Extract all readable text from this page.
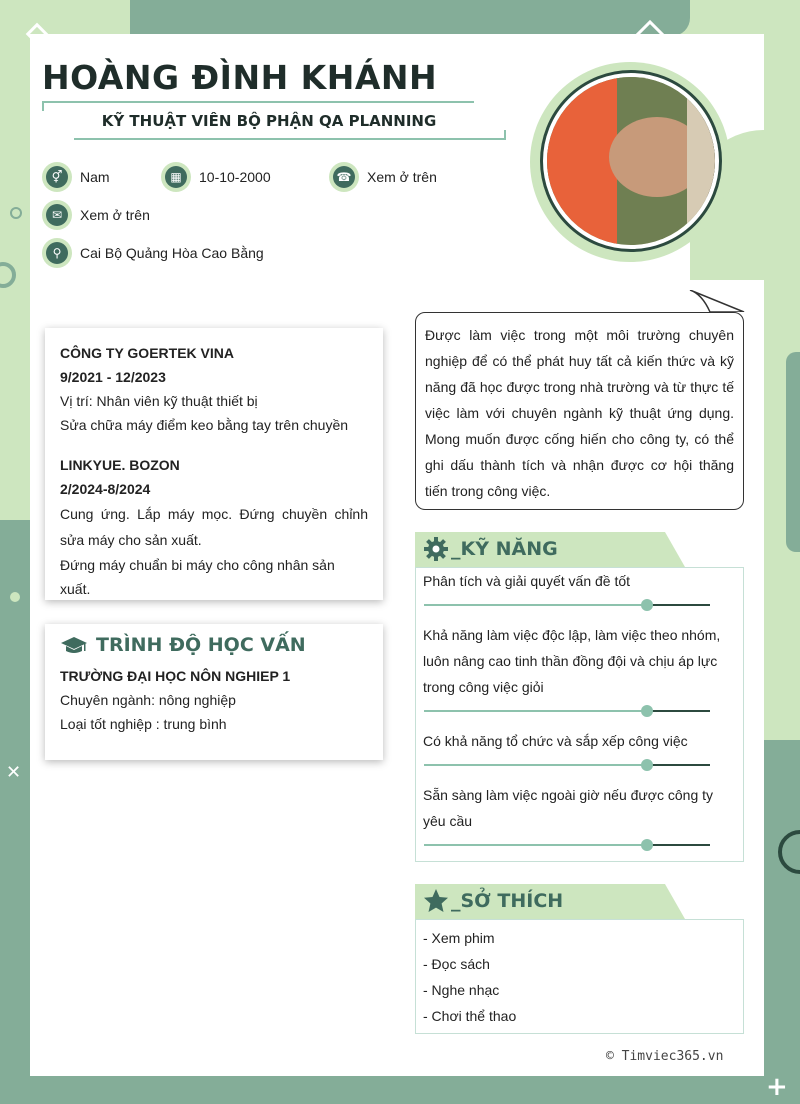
✕
+
HOÀNG ĐÌNH KHÁNH
KỸ THUẬT VIÊN BỘ PHẬN QA PLANNING
⚥	Nam	▦	10-10-2000	☎ Xem ở trên
✉	Xem ở trên
⚲	Cai Bộ Quảng Hòa Cao Bằng

CÔNG TY GOERTEK VINA

9/2021 - 12/2023

Vị trí: Nhân viên kỹ thuật thiết bị

Sửa chữa máy điểm keo bằng tay trên chuyền

LINKYUE. BOZON

2/2024-8/2024

Cung ứng. Lắp máy mọc. Đứng chuyền chỉnh sửa máy cho sản xuất.

Đứng máy chuẩn bi máy cho công nhân sản xuất.

TRÌNH ĐỘ HỌC VẤN

TRƯỜNG ĐẠI HỌC NÔN NGHIEP 1

Chuyên ngành: nông nghiệp

Loại tốt nghiệp : trung bình

Được làm việc trong một môi trường chuyên nghiệp để có thể phát huy tất cả kiến thức và kỹ năng đã học được trong nhà trường và từ thực tế việc làm với chuyên ngành kỹ thuật ứng dụng. Mong muốn được cống hiến cho công ty, có thể ghi dấu thành tích và nhận được cơ hội thăng tiến trong công việc.

_KỸ NĂNG
Phân tích và giải quyết vấn đề tốt
Khả năng làm việc độc lập, làm việc theo nhóm, luôn nâng cao tinh thần đồng đội và chịu áp lực trong công việc giỏi
Có khả năng tổ chức và sắp xếp công việc
Sẵn sàng làm việc ngoài giờ nếu được công ty yêu cầu
_SỞ THÍCH
- Xem phim
- Đọc sách
- Nghe nhạc
- Chơi thể thao
© Timviec365.vn
